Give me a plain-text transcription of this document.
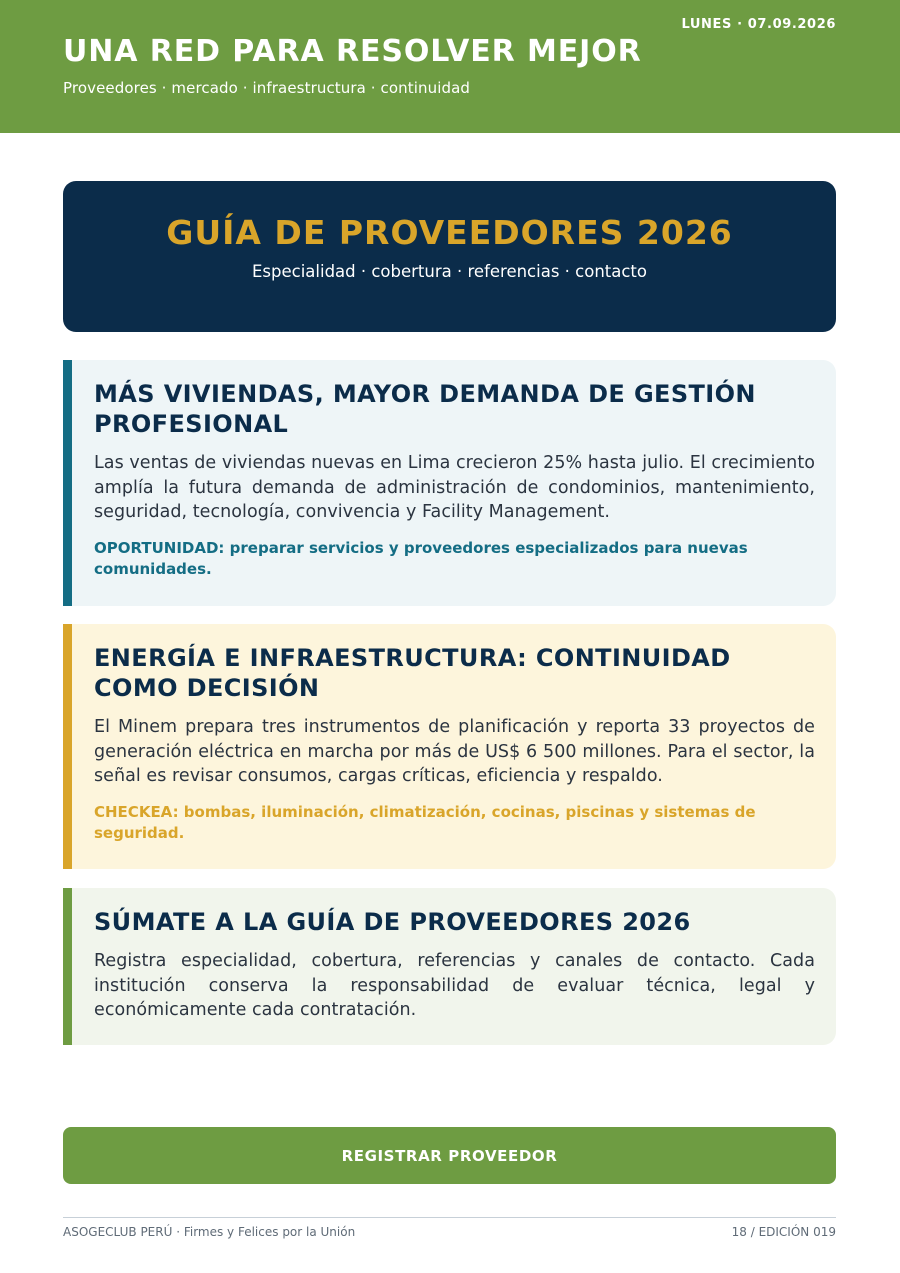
LUNES · 07.09.2026
UNA RED PARA RESOLVER MEJOR
Proveedores · mercado · infraestructura · continuidad
GUÍA DE PROVEEDORES 2026
Especialidad · cobertura · referencias · contacto
MÁS VIVIENDAS, MAYOR DEMANDA DE GESTIÓN PROFESIONAL

Las ventas de viviendas nuevas en Lima crecieron 25% hasta julio. El crecimiento amplía la futura demanda de administración de condominios, mantenimiento, seguridad, tecnología, convivencia y Facility Management.

OPORTUNIDAD: preparar servicios y proveedores especializados para nuevas comunidades.
ENERGÍA E INFRAESTRUCTURA: CONTINUIDAD COMO DECISIÓN

El Minem prepara tres instrumentos de planificación y reporta 33 proyectos de generación eléctrica en marcha por más de US$ 6 500 millones. Para el sector, la señal es revisar consumos, cargas críticas, eficiencia y respaldo.

CHECKEA: bombas, iluminación, climatización, cocinas, piscinas y sistemas de seguridad.
SÚMATE A LA GUÍA DE PROVEEDORES 2026

Registra especialidad, cobertura, referencias y canales de contacto. Cada institución conserva la responsabilidad de evaluar técnica, legal y económicamente cada contratación.

REGISTRAR PROVEEDOR
ASOGECLUB PERÚ · Firmes y Felices por la Unión	18 / EDICIÓN 019
